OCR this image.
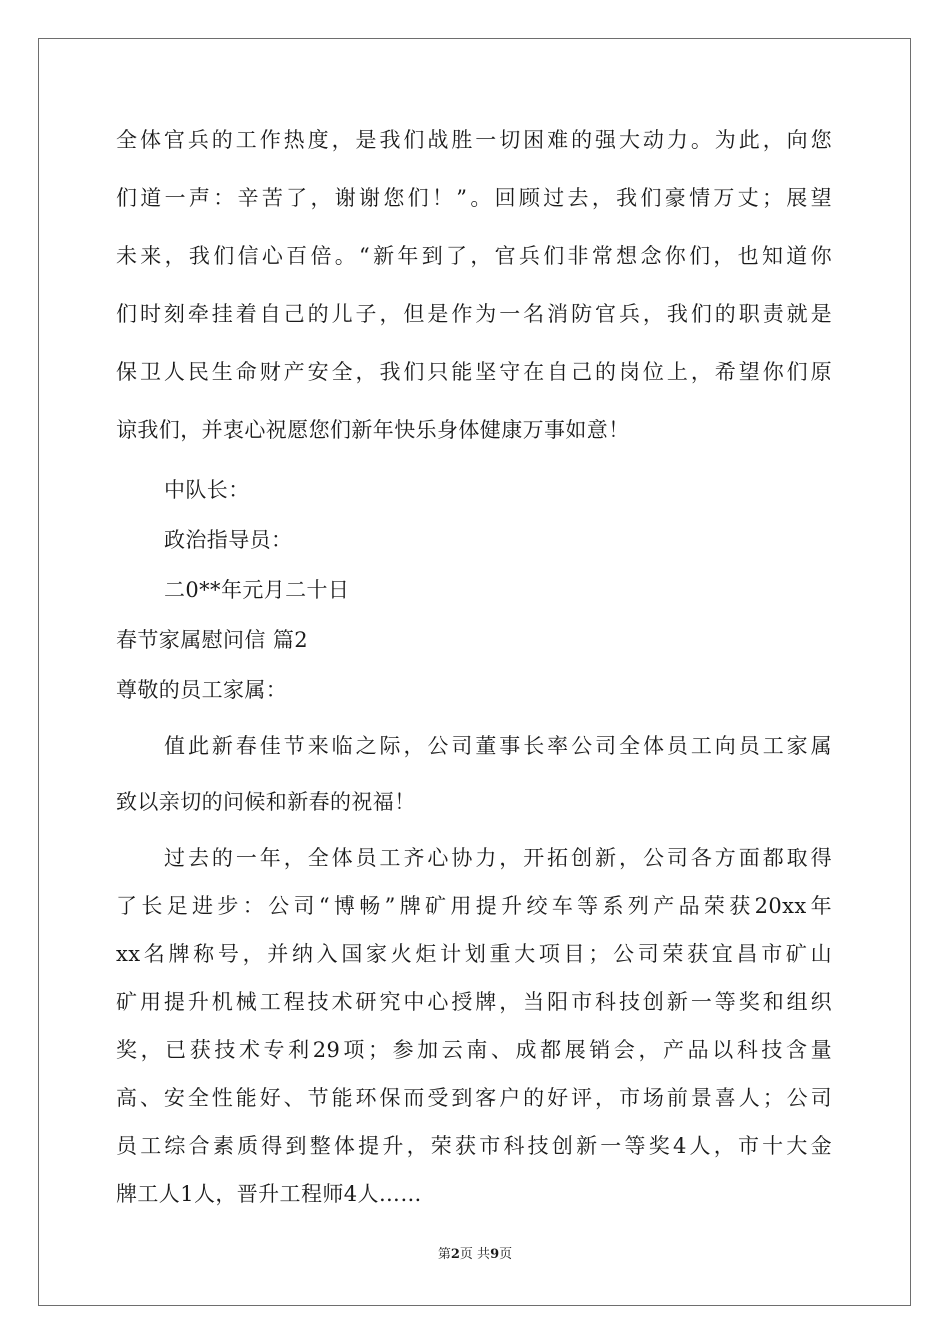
全体官兵的工作热度，是我们战胜一切困难的强大动力。为此，向您
们道一声：辛苦了，谢谢您们！”。回顾过去，我们豪情万丈；展望
未来，我们信心百倍。“新年到了，官兵们非常想念你们，也知道你
们时刻牵挂着自己的儿子，但是作为一名消防官兵，我们的职责就是
保卫人民生命财产安全，我们只能坚守在自己的岗位上，希望你们原
谅我们，并衷心祝愿您们新年快乐身体健康万事如意！
中队长：
政治指导员：
二0**年元月二十日
春节家属慰问信 篇2
尊敬的员工家属：
值此新春佳节来临之际，公司董事长率公司全体员工向员工家属
致以亲切的问候和新春的祝福！
过去的一年，全体员工齐心协力，开拓创新，公司各方面都取得
了长足进步：公司“博畅”牌矿用提升绞车等系列产品荣获20xx年
xx名牌称号，并纳入国家火炬计划重大项目；公司荣获宜昌市矿山
矿用提升机械工程技术研究中心授牌，当阳市科技创新一等奖和组织
奖，已获技术专利29项；参加云南、成都展销会，产品以科技含量
高、安全性能好、节能环保而受到客户的好评，市场前景喜人；公司
员工综合素质得到整体提升，荣获市科技创新一等奖4人，市十大金
牌工人1人，晋升工程师4人……
第2页 共9页
